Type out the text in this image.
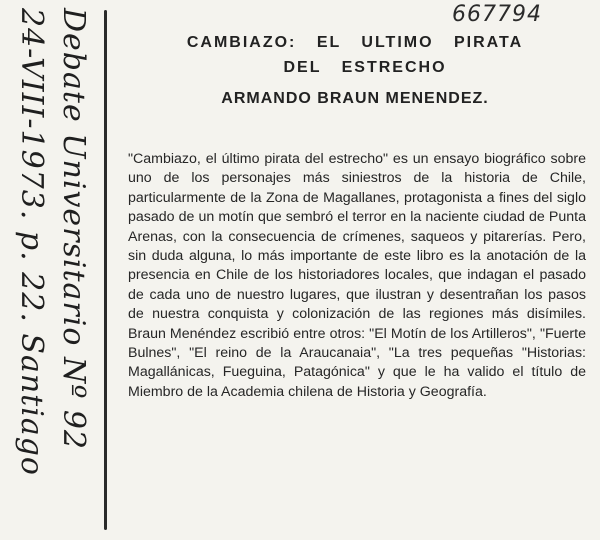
667794
Debate Universitario Nº 92
24-VIII-1973. p. 22. Santiago	CAMBIAZO: EL ULTIMO PIRATA
DEL ESTRECHO
ARMANDO BRAUN MENENDEZ.
"Cambiazo, el último pirata del estrecho" es un ensayo biográfico sobre uno de los personajes más siniestros de la historia de Chile, particularmente de la Zona de Magallanes, protagonista a fines del siglo pasado de un motín que sembró el terror en la naciente ciudad de Punta Arenas, con la consecuencia de crímenes, saqueos y pitarerías. Pero, sin duda alguna, lo más importante de este libro es la anotación de la presencia en Chile de los historiadores locales, que indagan el pasado de cada uno de nuestro lugares, que ilustran y desentrañan los pasos de nuestra conquista y colonización de las regiones más disímiles. Braun Menéndez escribió entre otros: "El Motín de los Artilleros", "Fuerte Bulnes", "El reino de la Araucanaia", "La tres pequeñas "Historias: Magallánicas, Fueguina, Patagónica" y que le ha valido el título de Miembro de la Academia chilena de Historia y Geografía.
